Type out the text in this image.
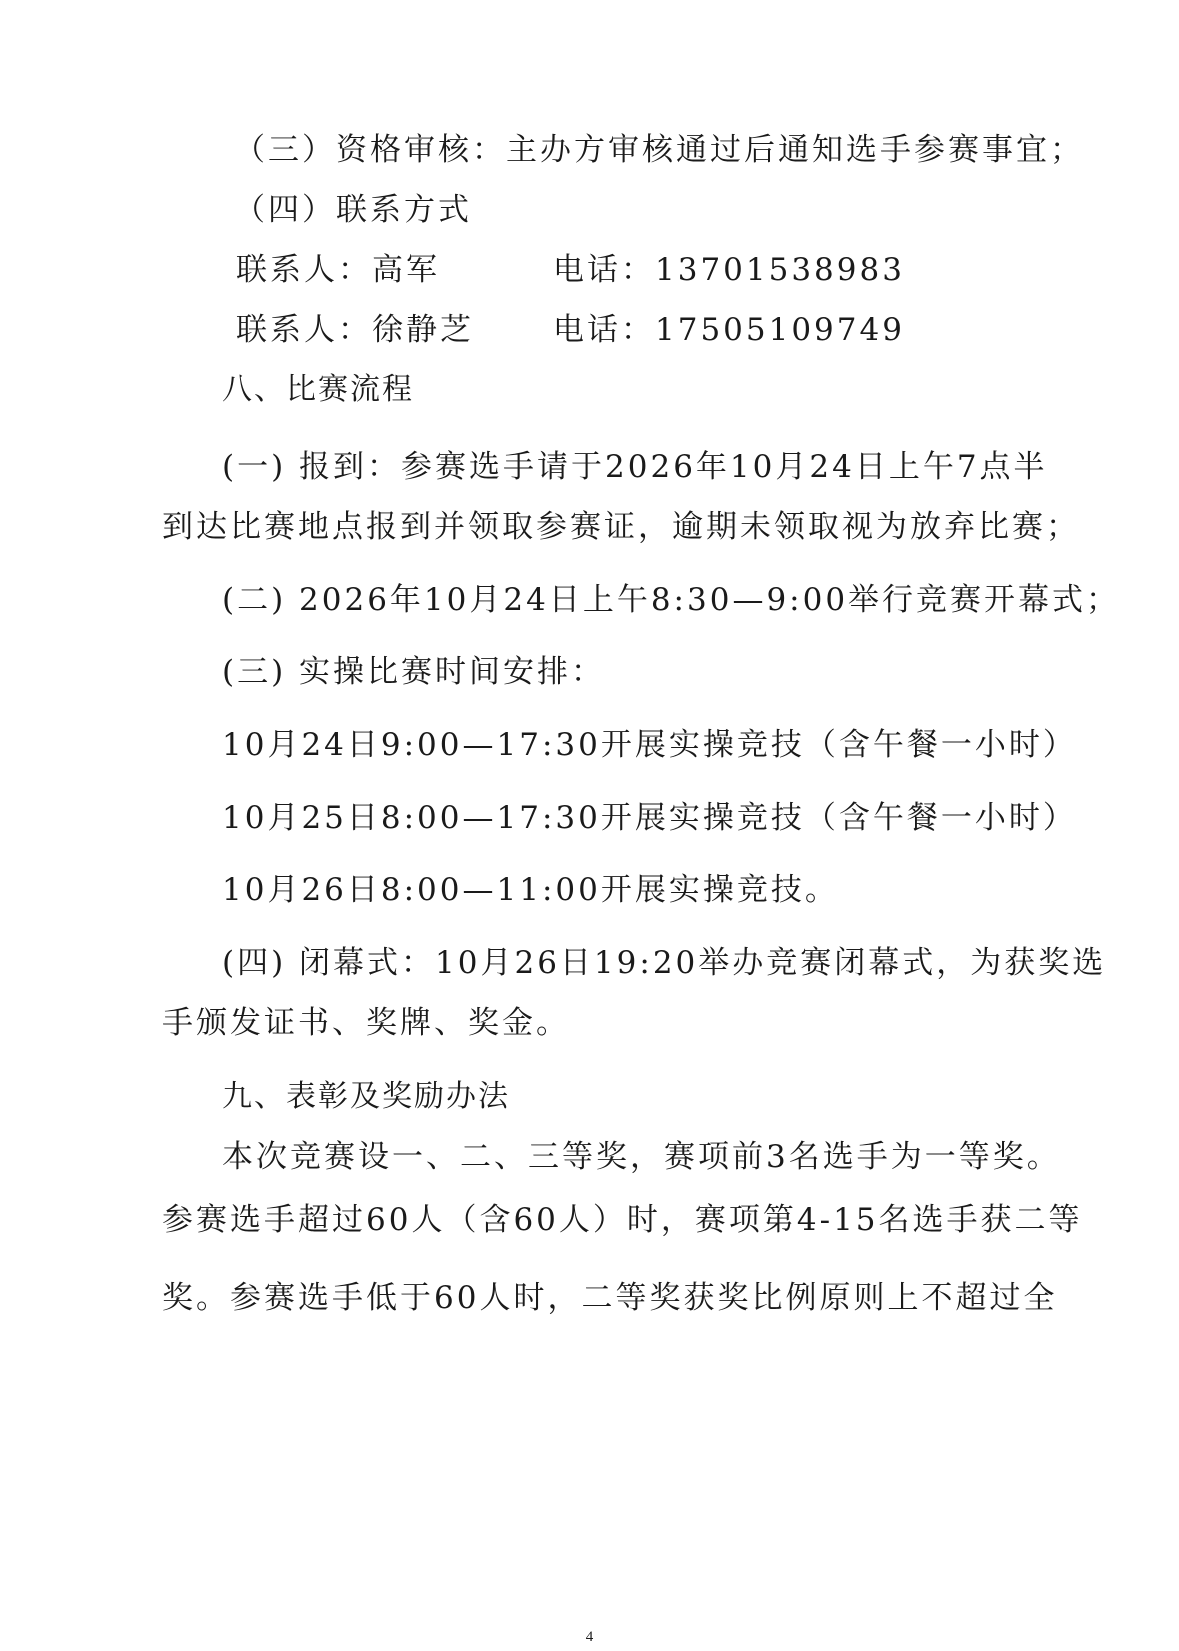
（三）资格审核：主办方审核通过后通知选手参赛事宜；
（四）联系方式
联系人：高军	电话：13701538983
联系人：徐静芝	电话：17505109749
八、比赛流程
(一) 报到：参赛选手请于2026年10月24日上午7点半
到达比赛地点报到并领取参赛证，逾期未领取视为放弃比赛；
(二) 2026年10月24日上午8:30—9:00举行竞赛开幕式；
(三) 实操比赛时间安排：
10月24日9:00—17:30开展实操竞技（含午餐一小时）
10月25日8:00—17:30开展实操竞技（含午餐一小时）
10月26日8:00—11:00开展实操竞技。
(四) 闭幕式：10月26日19:20举办竞赛闭幕式，为获奖选
手颁发证书、奖牌、奖金。
九、表彰及奖励办法
本次竞赛设一、二、三等奖，赛项前3名选手为一等奖。
参赛选手超过60人（含60人）时，赛项第4-15名选手获二等
奖。参赛选手低于60人时，二等奖获奖比例原则上不超过全
4
